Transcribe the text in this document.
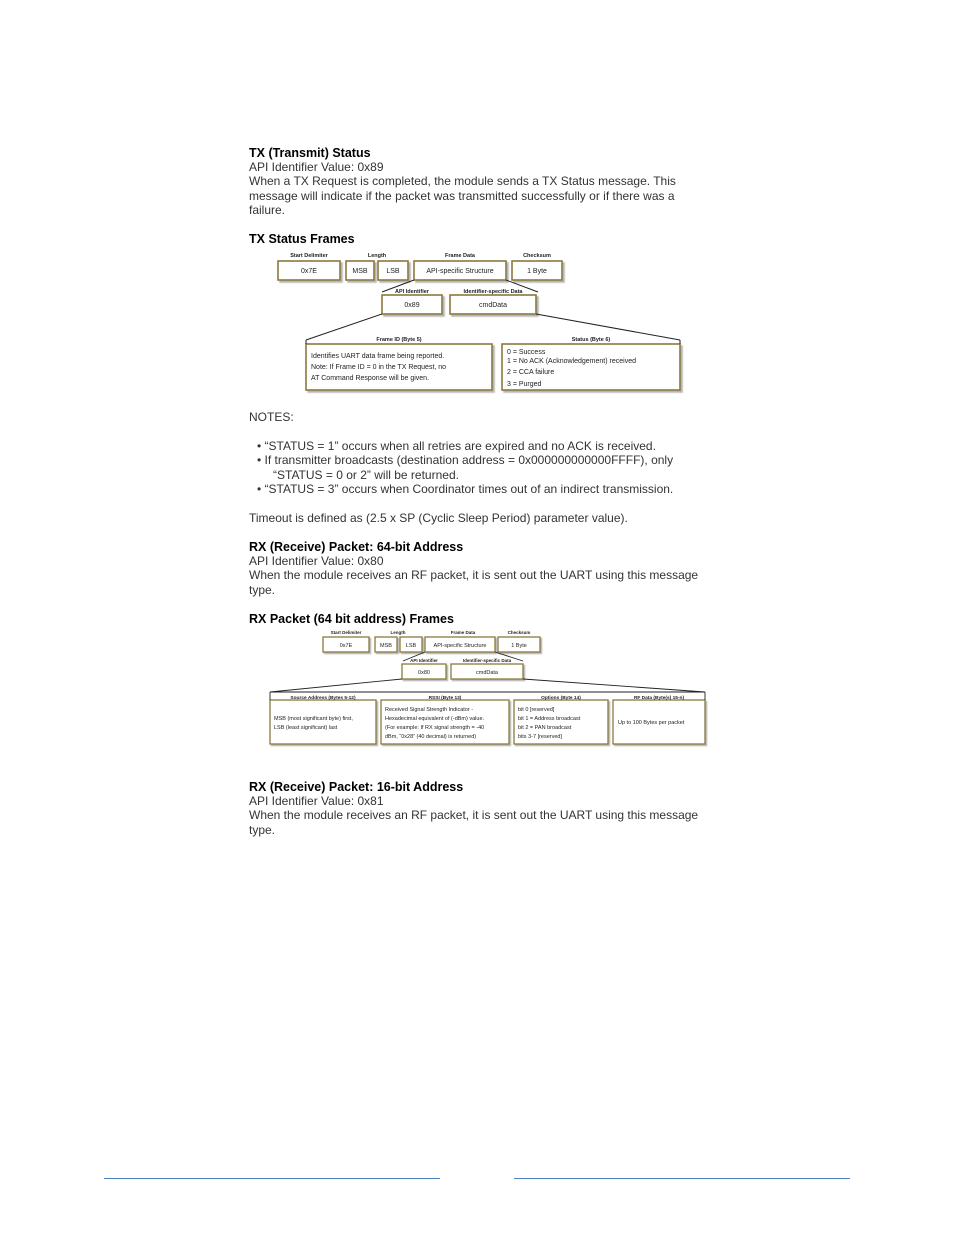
TX (Transmit) Status
API Identifier Value: 0x89
When a TX Request is completed, the module sends a TX Status message. This
message will indicate if the packet was transmitted successfully or if there was a
failure.
TX Status Frames
Start Delimiter	Length	Frame Data	Checksum
0x7E	MSB	LSB	API-specific Structure	1 Byte
API Identifier	Identifier-specific Data
0x89	cmdData
Frame ID (Byte 5)	Status (Byte 6)
Identifies UART data frame being reported.
Note: If Frame ID = 0 in the TX Request, no
AT Command Response will be given.
0 = Success
1 = No ACK (Acknowledgement) received
2 = CCA failure
3 = Purged
NOTES:
• “STATUS = 1” occurs when all retries are expired and no ACK is received.
• If transmitter broadcasts (destination address = 0x000000000000FFFF), only
“STATUS = 0 or 2” will be returned.
• “STATUS = 3” occurs when Coordinator times out of an indirect transmission.
Timeout is defined as (2.5 x SP (Cyclic Sleep Period) parameter value).
RX (Receive) Packet: 64-bit Address
API Identifier Value: 0x80
When the module receives an RF packet, it is sent out the UART using this message
type.
RX Packet (64 bit address) Frames
Start Delimiter	Length	Frame Data	Checksum
0x7E	MSB	LSB	API-specific Structure	1 Byte
API Identifier	Identifier-specific Data
0x80	cmdData
Source Address (Bytes 5-12)	RSSI (Byte 13)	Options (Byte 14)	RF Data (Byte(s) 15-n)
MSB (most significant byte) first,
LSB (least significant) last
Received Signal Strength Indicator -
Hexadecimal equivalent of (-dBm) value.
(For example: If RX signal strength = -40
dBm, “0x28” (40 decimal) is returned)
bit 0 [reserved]
bit 1 = Address broadcast
bit 2 = PAN broadcast
bits 3-7 [reserved]
Up to 100 Bytes per packet
RX (Receive) Packet: 16-bit Address
API Identifier Value: 0x81
When the module receives an RF packet, it is sent out the UART using this message
type.
